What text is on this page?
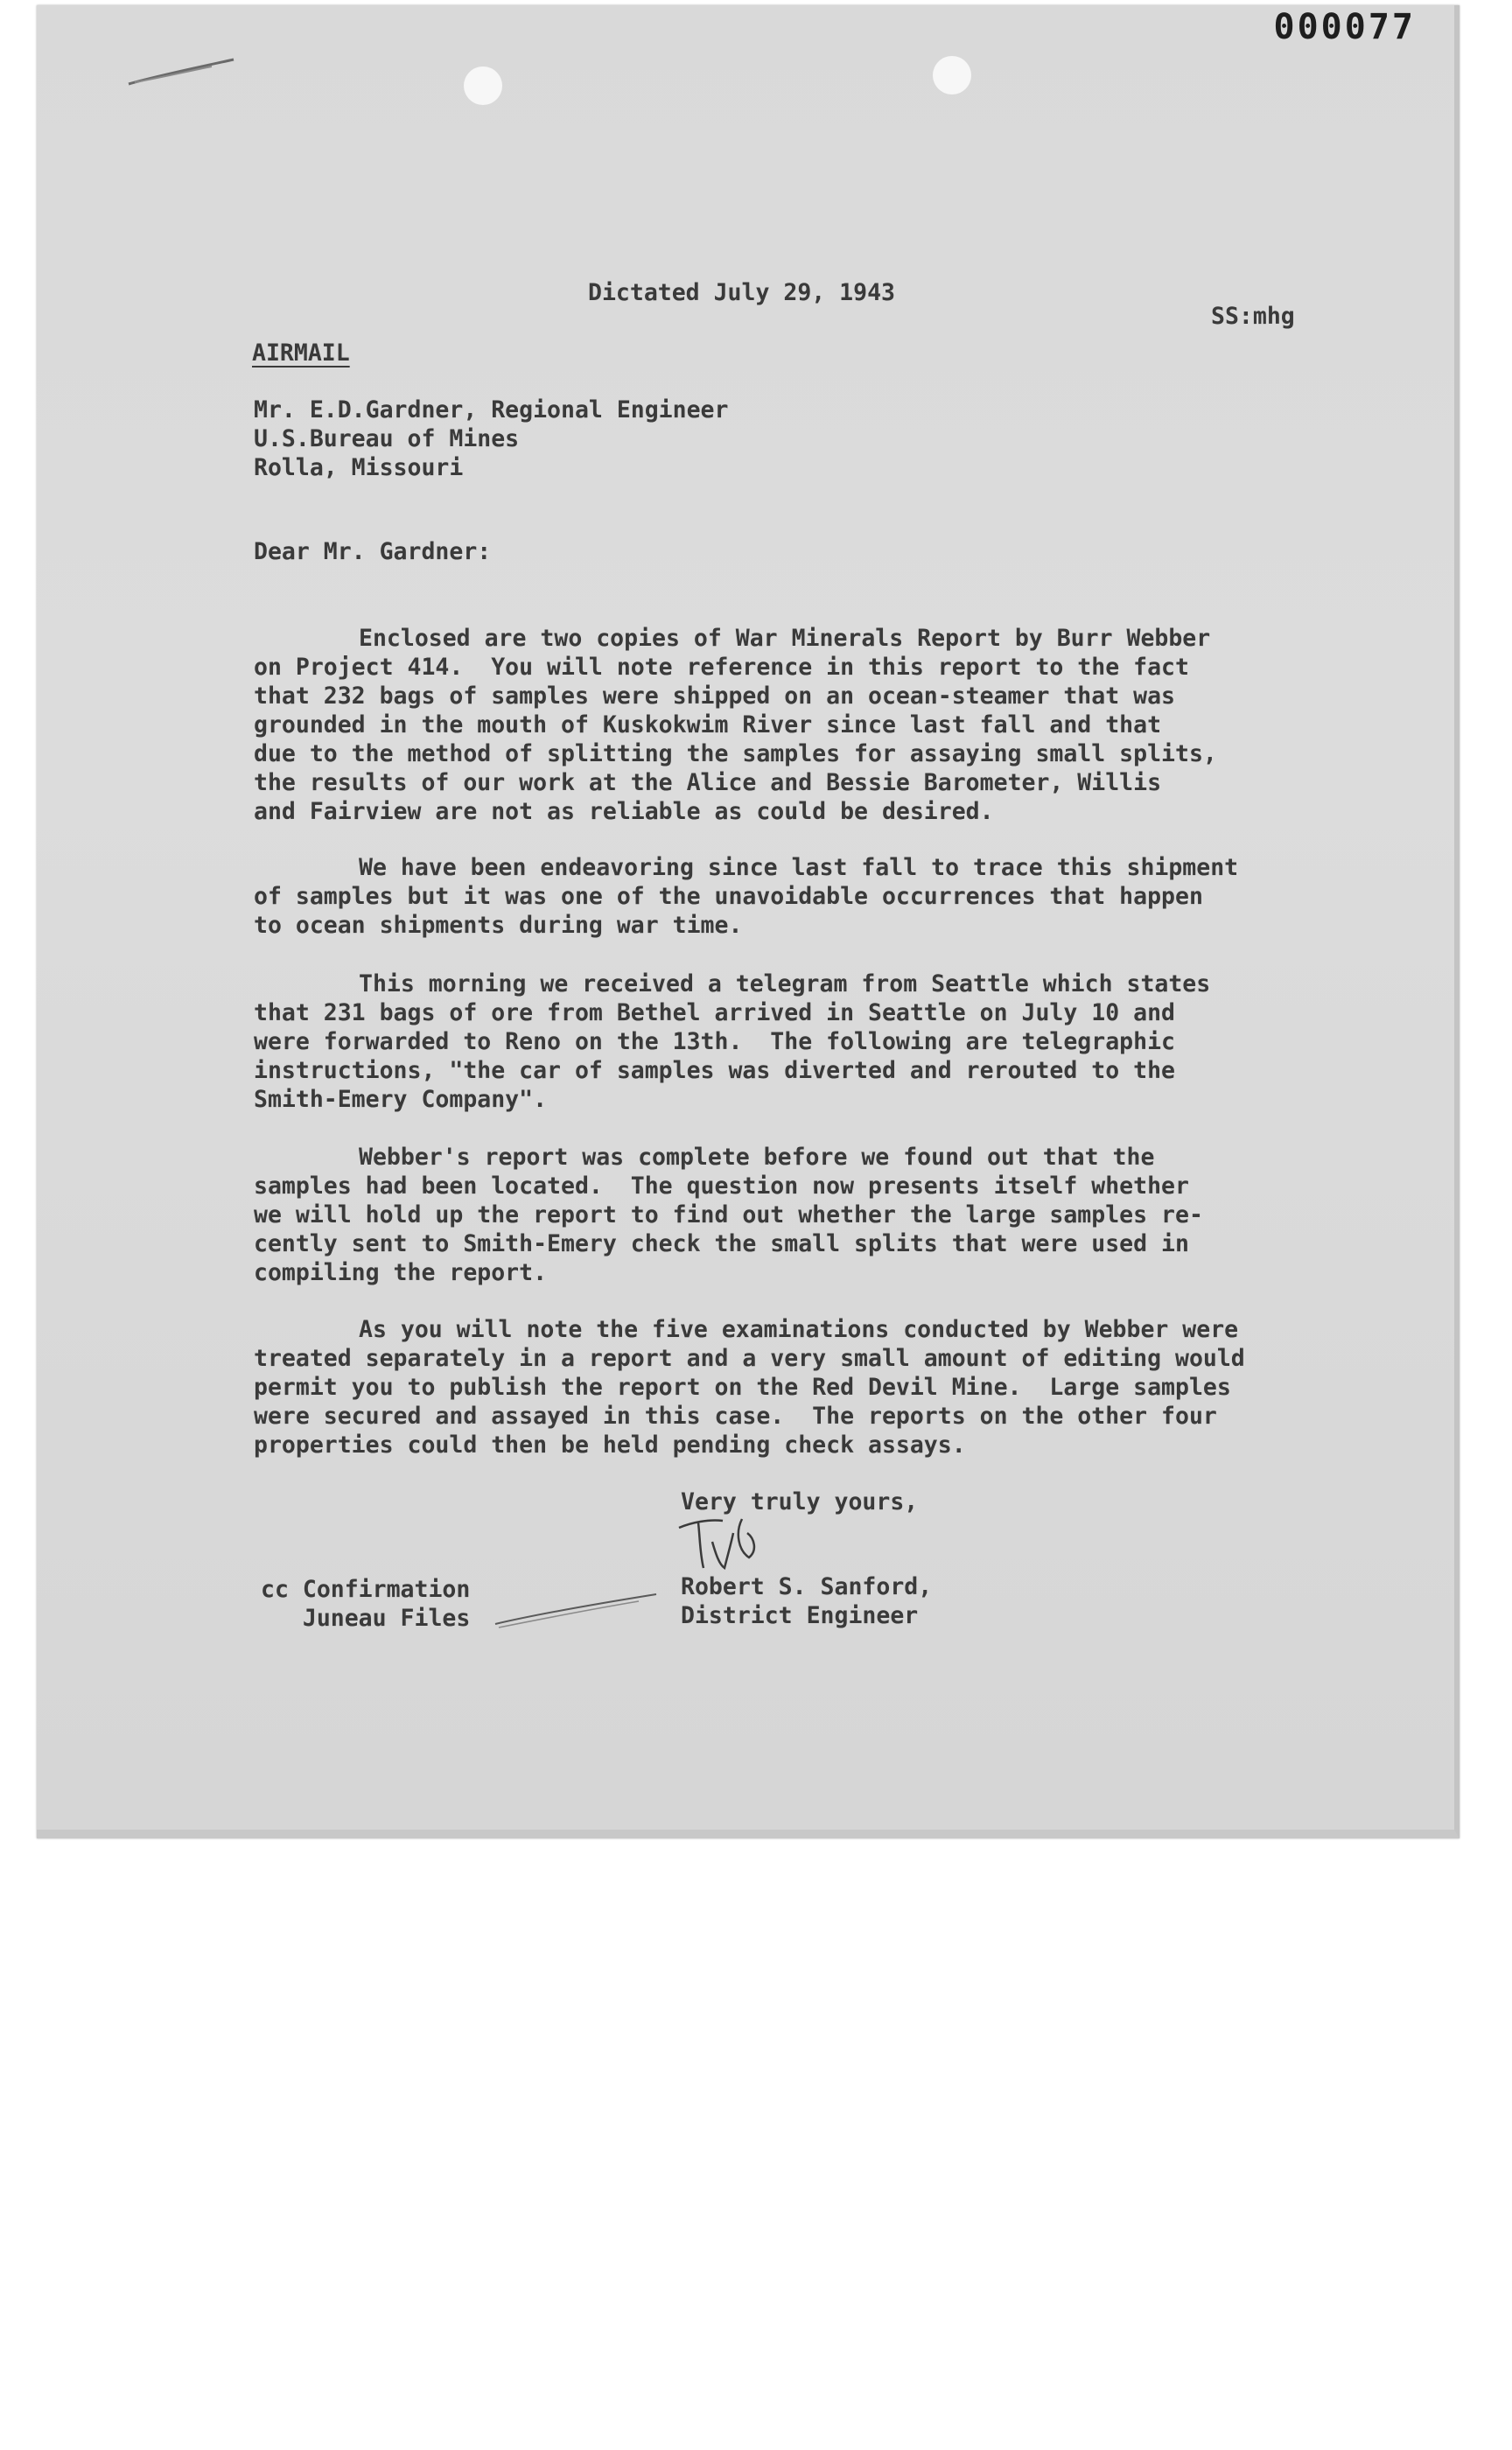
000077
Dictated July 29, 1943
SS:mhg
AIRMAIL
Mr. E.D.Gardner, Regional Engineer
U.S.Bureau of Mines
Rolla, Missouri
Dear Mr. Gardner:
Enclosed are two copies of War Minerals Report by Burr Webber
on Project 414.  You will note reference in this report to the fact
that 232 bags of samples were shipped on an ocean-steamer that was
grounded in the mouth of Kuskokwim River since last fall and that
due to the method of splitting the samples for assaying small splits,
the results of our work at the Alice and Bessie Barometer, Willis
and Fairview are not as reliable as could be desired.
We have been endeavoring since last fall to trace this shipment
of samples but it was one of the unavoidable occurrences that happen
to ocean shipments during war time.
This morning we received a telegram from Seattle which states
that 231 bags of ore from Bethel arrived in Seattle on July 10 and
were forwarded to Reno on the 13th.  The following are telegraphic
instructions, "the car of samples was diverted and rerouted to the
Smith-Emery Company".
Webber's report was complete before we found out that the
samples had been located.  The question now presents itself whether
we will hold up the report to find out whether the large samples re-
cently sent to Smith-Emery check the small splits that were used in
compiling the report.
As you will note the five examinations conducted by Webber were
treated separately in a report and a very small amount of editing would
permit you to publish the report on the Red Devil Mine.  Large samples
were secured and assayed in this case.  The reports on the other four
properties could then be held pending check assays.
Very truly yours,
Robert S. Sanford,
District Engineer
cc Confirmation
Juneau Files
